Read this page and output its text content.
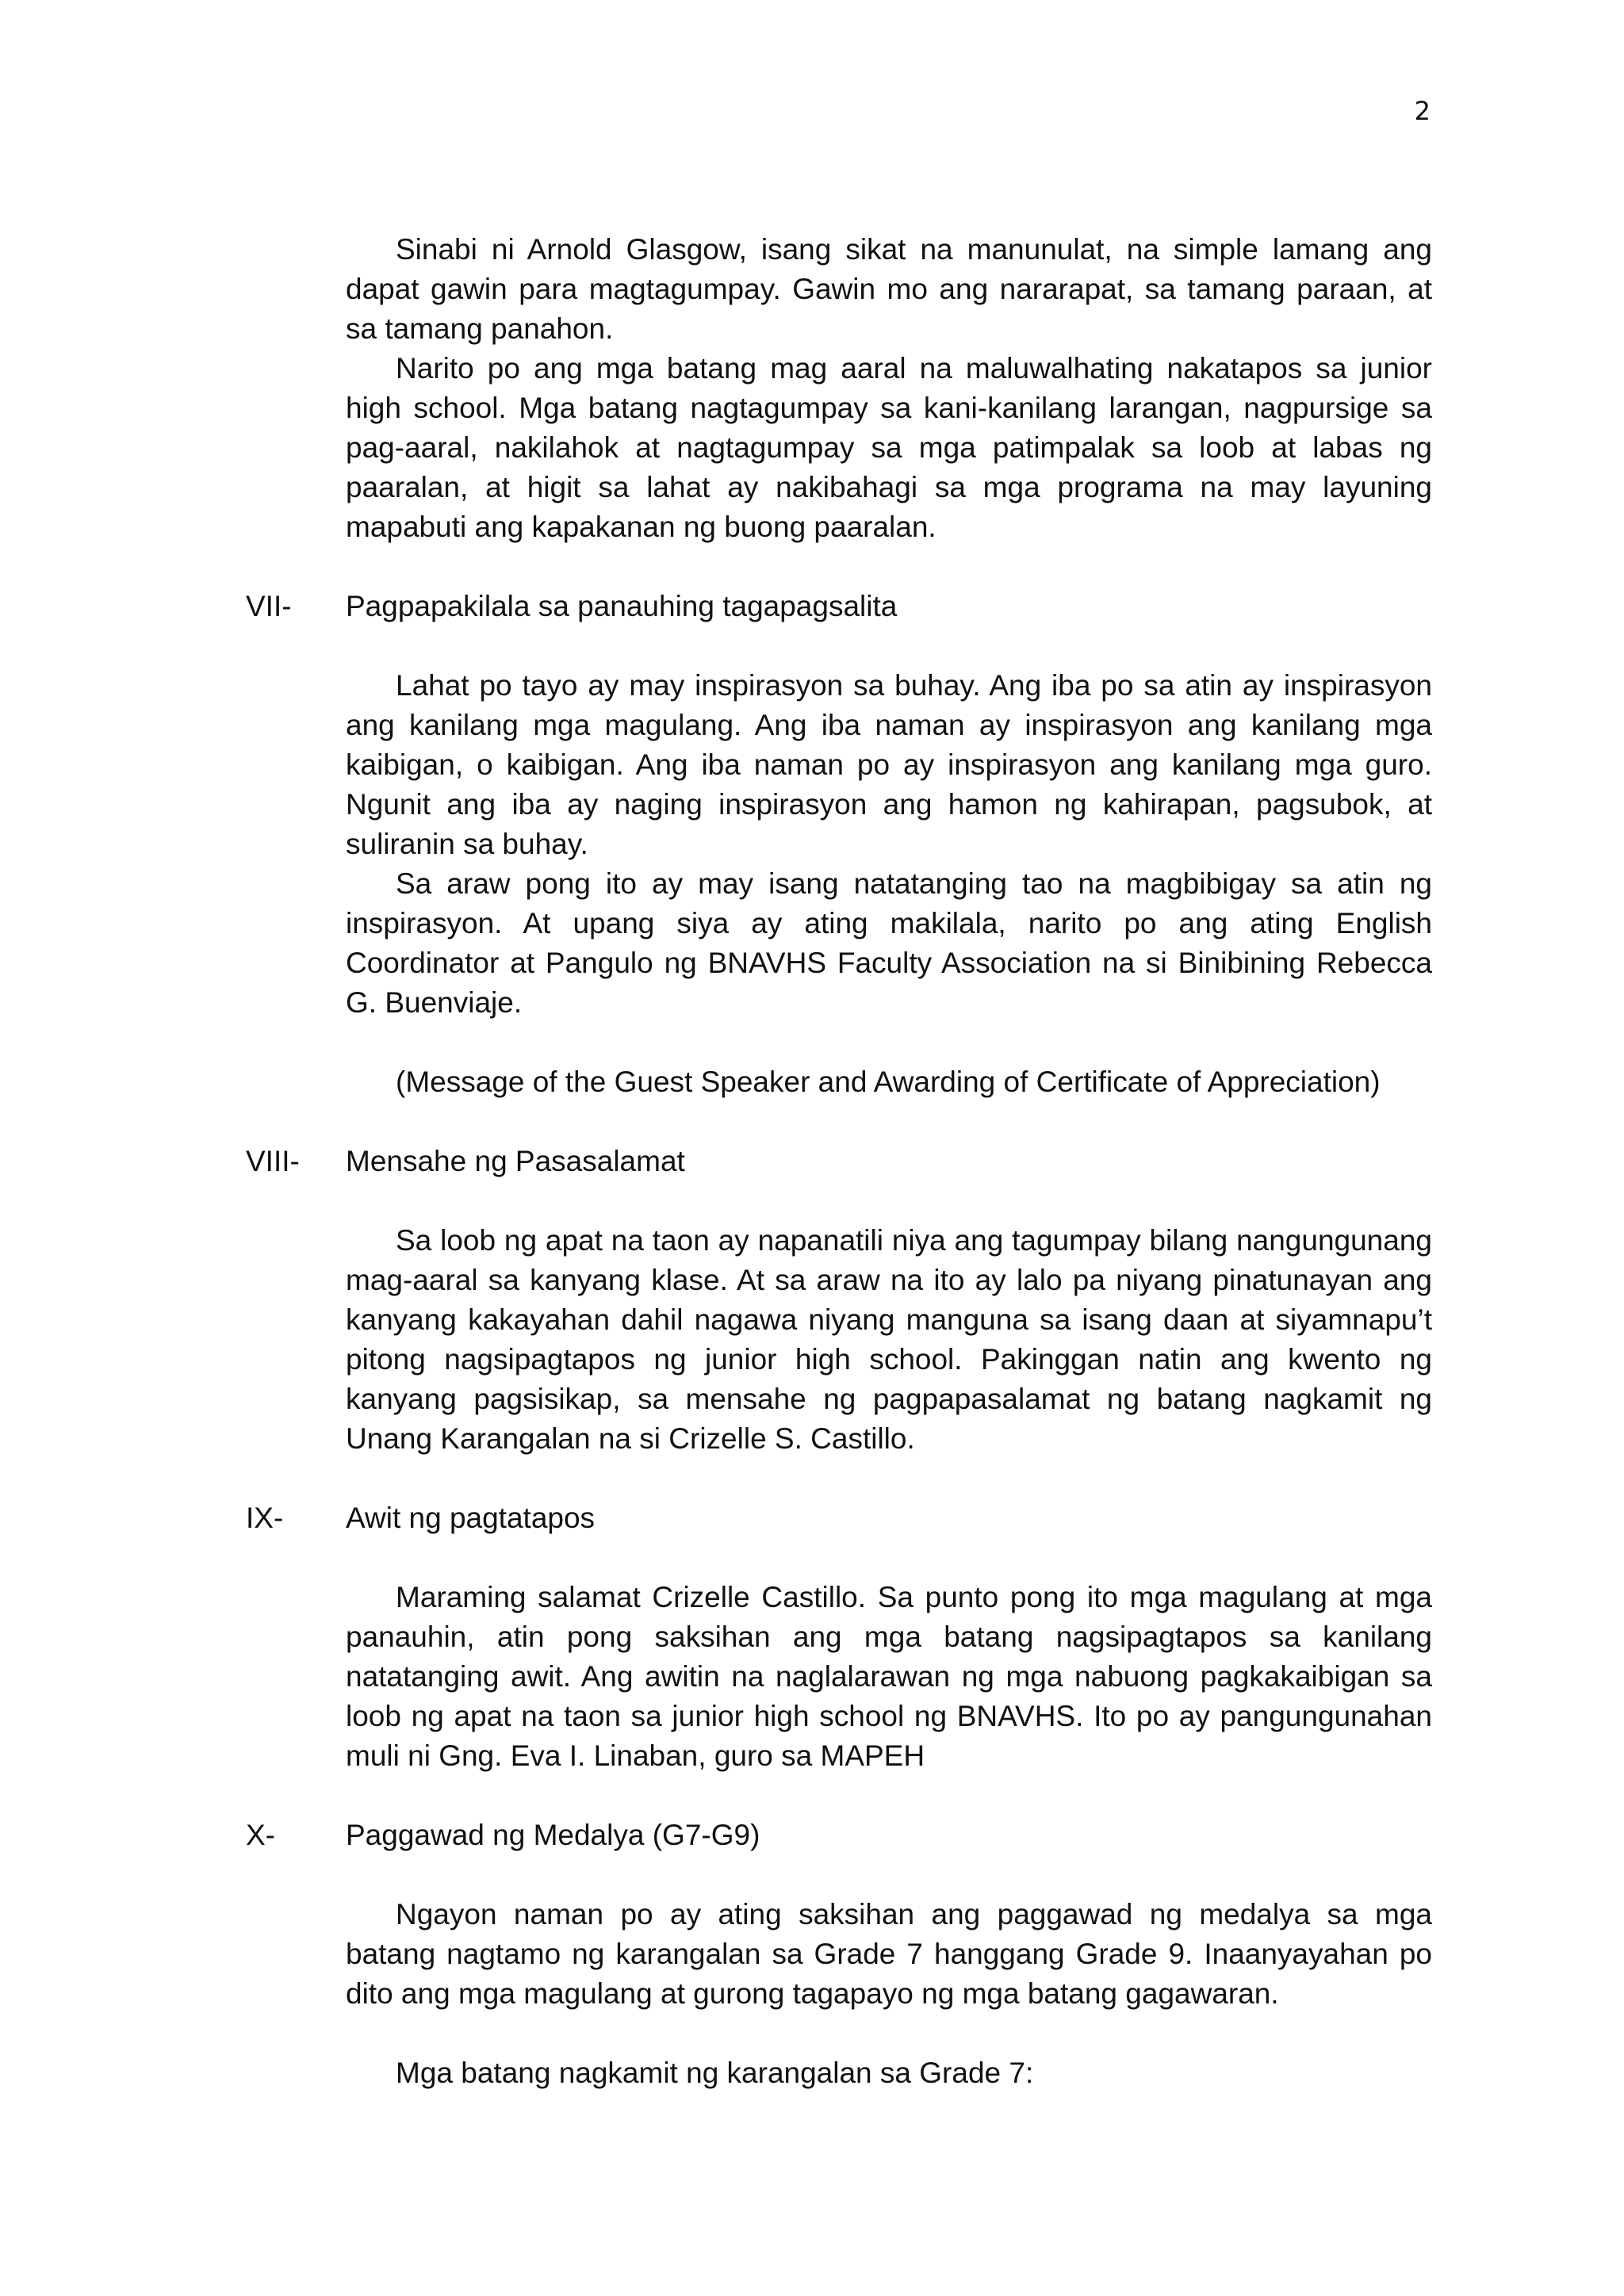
2

Sinabi ni Arnold Glasgow, isang sikat na manunulat, na simple lamang ang dapat gawin para magtagumpay. Gawin mo ang nararapat, sa tamang paraan, at sa tamang panahon.

Narito po ang mga batang mag aaral na maluwalhating nakatapos sa junior high school. Mga batang nagtagumpay sa kani-kanilang larangan, nagpursige sa pag-aaral, nakilahok at nagtagumpay sa mga patimpalak sa loob at labas ng paaralan, at higit sa lahat ay nakibahagi sa mga programa na may layuning mapabuti ang kapakanan ng buong paaralan.

VII- Pagpapakilala sa panauhing tagapagsalita

Lahat po tayo ay may inspirasyon sa buhay. Ang iba po sa atin ay inspirasyon ang kanilang mga magulang. Ang iba naman ay inspirasyon ang kanilang mga kaibigan, o kaibigan. Ang iba naman po ay inspirasyon ang kanilang mga guro. Ngunit ang iba ay naging inspirasyon ang hamon ng kahirapan, pagsubok, at suliranin sa buhay.

Sa araw pong ito ay may isang natatanging tao na magbibigay sa atin ng inspirasyon. At upang siya ay ating makilala, narito po ang ating English Coordinator at Pangulo ng BNAVHS Faculty Association na si Binibining Rebecca G. Buenviaje.

(Message of the Guest Speaker and Awarding of Certificate of Appreciation)
VIII- Mensahe ng Pasasalamat

Sa loob ng apat na taon ay napanatili niya ang tagumpay bilang nangungunang mag-aaral sa kanyang klase. At sa araw na ito ay lalo pa niyang pinatunayan ang kanyang kakayahan dahil nagawa niyang manguna sa isang daan at siyamnapu’t pitong nagsipagtapos ng junior high school. Pakinggan natin ang kwento ng kanyang pagsisikap, sa mensahe ng pagpapasalamat ng batang nagkamit ng Unang Karangalan na si Crizelle S. Castillo.

IX- Awit ng pagtatapos

Maraming salamat Crizelle Castillo. Sa punto pong ito mga magulang at mga panauhin, atin pong saksihan ang mga batang nagsipagtapos sa kanilang natatanging awit. Ang awitin na naglalarawan ng mga nabuong pagkakaibigan sa loob ng apat na taon sa junior high school ng BNAVHS. Ito po ay pangungunahan muli ni Gng. Eva I. Linaban, guro sa MAPEH

X- Paggawad ng Medalya (G7-G9)

Ngayon naman po ay ating saksihan ang paggawad ng medalya sa mga batang nagtamo ng karangalan sa Grade 7 hanggang Grade 9. Inaanyayahan po dito ang mga magulang at gurong tagapayo ng mga batang gagawaran.

Mga batang nagkamit ng karangalan sa Grade 7:
